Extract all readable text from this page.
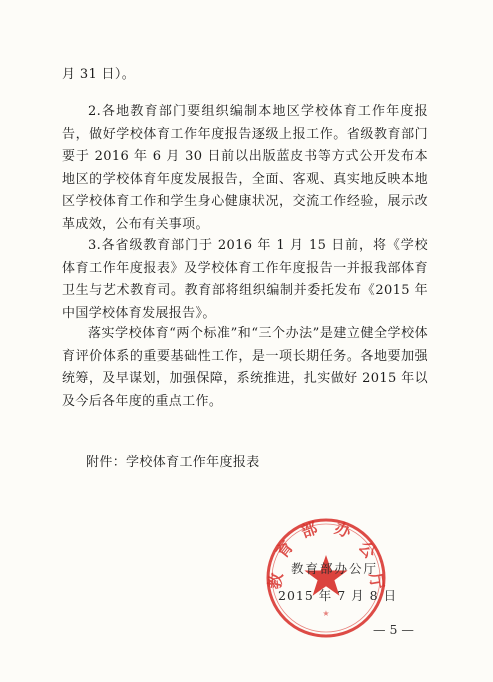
月 31 日）。

2.各地教育部门要组织编制本地区学校体育工作年度报告，做好学校体育工作年度报告逐级上报工作。省级教育部门要于 2016 年 6 月 30 日前以出版蓝皮书等方式公开发布本地区的学校体育年度发展报告，全面、客观、真实地反映本地区学校体育工作和学生身心健康状况，交流工作经验，展示改革成效，公布有关事项。

3.各省级教育部门于 2016 年 1 月 15 日前，将《学校体育工作年度报表》及学校体育工作年度报告一并报我部体育卫生与艺术教育司。教育部将组织编制并委托发布《2015 年中国学校体育发展报告》。

落实学校体育“两个标准”和“三个办法”是建立健全学校体育评价体系的重要基础性工作，是一项长期任务。各地要加强统筹，及早谋划，加强保障，系统推进，扎实做好 2015 年以及今后各年度的重点工作。

附件：学校体育工作年度报表
★
教
育
部 办
公
厅
教育部办公厅
2015 年 7 月 8 日
— 5 —
